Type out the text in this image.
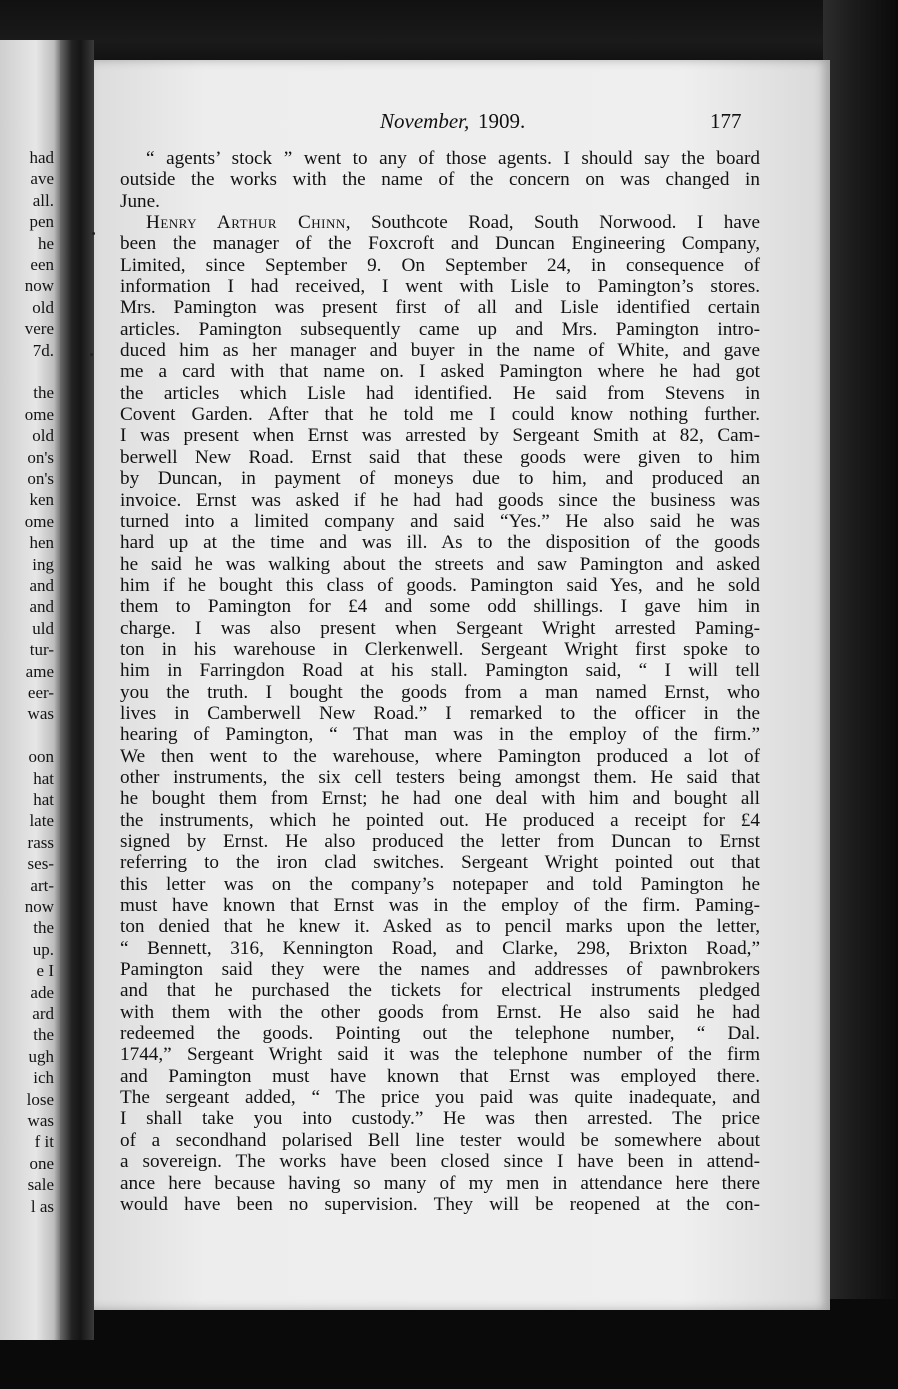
had
ave
all.
pen
he
een
now
old
vere
7d.
the
ome
old
on's
on's
ken
ome
hen
ing
and
and
uld
tur-
ame
eer-
was
oon
hat
hat
late
rass
ses-
art-
now
the
up.
e I
ade
ard
the
ugh
ich
lose
was
f it
one
sale
l as
November, 1909.	177
“ agents’ stock ” went to any of those agents. I should say the board
outside the works with the name of the concern on was changed in
June.
Henry Arthur Chinn, Southcote Road, South Norwood. I have
been the manager of the Foxcroft and Duncan Engineering Company,
Limited, since September 9. On September 24, in consequence of
information I had received, I went with Lisle to Pamington’s stores.
Mrs. Pamington was present first of all and Lisle identified certain
articles. Pamington subsequently came up and Mrs. Pamington intro-
duced him as her manager and buyer in the name of White, and gave
me a card with that name on. I asked Pamington where he had got
the articles which Lisle had identified. He said from Stevens in
Covent Garden. After that he told me I could know nothing further.
I was present when Ernst was arrested by Sergeant Smith at 82, Cam-
berwell New Road. Ernst said that these goods were given to him
by Duncan, in payment of moneys due to him, and produced an
invoice. Ernst was asked if he had had goods since the business was
turned into a limited company and said “Yes.” He also said he was
hard up at the time and was ill. As to the disposition of the goods
he said he was walking about the streets and saw Pamington and asked
him if he bought this class of goods. Pamington said Yes, and he sold
them to Pamington for £4 and some odd shillings. I gave him in
charge. I was also present when Sergeant Wright arrested Paming-
ton in his warehouse in Clerkenwell. Sergeant Wright first spoke to
him in Farringdon Road at his stall. Pamington said, “ I will tell
you the truth. I bought the goods from a man named Ernst, who
lives in Camberwell New Road.” I remarked to the officer in the
hearing of Pamington, “ That man was in the employ of the firm.”
We then went to the warehouse, where Pamington produced a lot of
other instruments, the six cell testers being amongst them. He said that
he bought them from Ernst; he had one deal with him and bought all
the instruments, which he pointed out. He produced a receipt for £4
signed by Ernst. He also produced the letter from Duncan to Ernst
referring to the iron clad switches. Sergeant Wright pointed out that
this letter was on the company’s notepaper and told Pamington he
must have known that Ernst was in the employ of the firm. Paming-
ton denied that he knew it. Asked as to pencil marks upon the letter,
“ Bennett, 316, Kennington Road, and Clarke, 298, Brixton Road,”
Pamington said they were the names and addresses of pawnbrokers
and that he purchased the tickets for electrical instruments pledged
with them with the other goods from Ernst. He also said he had
redeemed the goods. Pointing out the telephone number, “ Dal.
1744,” Sergeant Wright said it was the telephone number of the firm
and Pamington must have known that Ernst was employed there.
The sergeant added, “ The price you paid was quite inadequate, and
I shall take you into custody.” He was then arrested. The price
of a secondhand polarised Bell line tester would be somewhere about
a sovereign. The works have been closed since I have been in attend-
ance here because having so many of my men in attendance here there
would have been no supervision. They will be reopened at the con-
